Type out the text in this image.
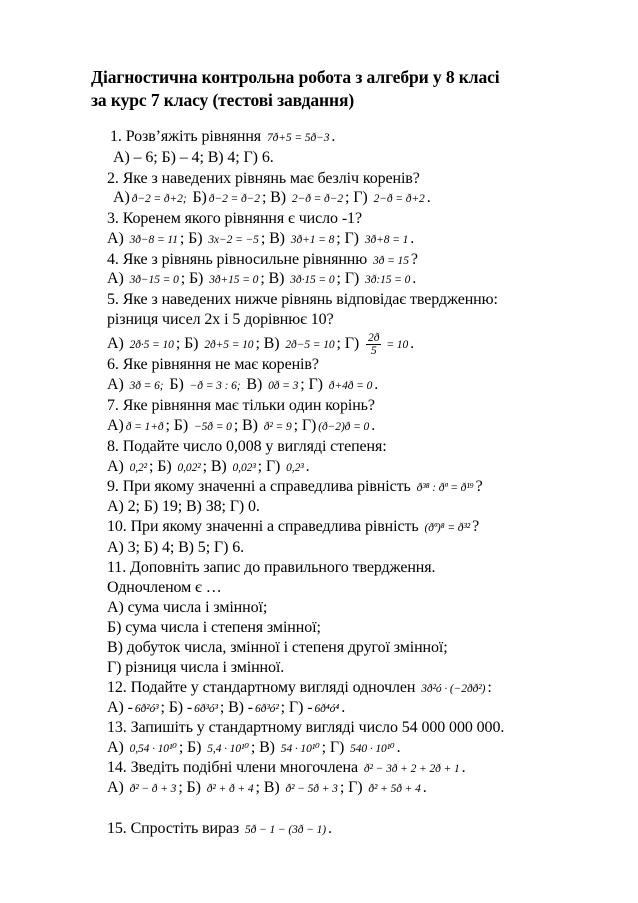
Діагностична контрольна робота з алгебри у 8 класі
за курс 7 класу (тестові завдання)
1. Розв’яжіть рівняння 7ð+5 = 5ð−3 .
А) – 6; Б) – 4; В) 4; Г) 6.
2. Яке з наведених рівнянь має безліч коренів?
А) ð−2 = ð+2; Б) ð−2 = ð−2 ; В) 2−ð = ð−2 ; Г) 2−ð = ð+2 .
3. Коренем якого рівняння є число -1?
А) 3ð−8 = 11 ; Б) 3x−2 = −5 ; В) 3ð+1 = 8 ; Г) 3ð+8 = 1 .
4. Яке з рівнянь рівносильне рівнянню 3ð = 15 ?
А) 3ð−15 = 0 ; Б) 3ð+15 = 0 ; В) 3ð·15 = 0 ; Г) 3ð:15 = 0 .
5. Яке з наведених нижче рівнянь відповідає твердженню:
різниця чисел 2x і 5 дорівнює 10?
А) 2ð·5 = 10 ; Б) 2ð+5 = 10 ; В) 2ð−5 = 10 ; $Г) \frac{2ð}{5} = 10$ .
6. Яке рівняння не має коренів?
А) 3ð = 6; Б) −ð = 3 : 6; В) 0ð = 3 ; Г) ð+4ð = 0 .
7. Яке рівняння має тільки один корінь?
А) ð = 1+ð ; Б) −5ð = 0 ; В) ð² = 9 ; Г) (ð−2)ð = 0 .
8. Подайте число 0,008 у вигляді степеня:
А) 0,2² ; Б) 0,02² ; В) 0,02³ ; Г) 0,2³ .
9. При якому значенні a справедлива рівність ð³⁸ : ðª = ð¹⁹ ?
А) 2; Б) 19; В) 38; Г) 0.
10. При якому значенні a справедлива рівність (ðª)⁸ = ð³² ?
А) 3; Б) 4; В) 5; Г) 6.
11. Доповніть запис до правильного твердження.
Одночленом є …
А) сума числа і змінної;
Б) сума числа і степеня змінної;
В) добуток числа, змінної і степеня другої змінної;
Г) різниця числа і змінної.
12. Подайте у стандартному вигляді одночлен 3ð²ó · (−2ðð²) :
А) - 6ð²ó³ ; Б) - 6ð³ó³ ; В) - 6ð³ó² ; Г) - 6ð⁴ó⁴ .
13. Запишіть у стандартному вигляді число 54 000 000 000.
А) 0,54 · 10¹⁰ ; Б) 5,4 · 10¹⁰ ; В) 54 · 10¹⁰ ; Г) 540 · 10¹⁰ .
14. Зведіть подібні члени многочлена ð² − 3ð + 2 + 2ð + 1 .
А) ð² − ð + 3 ; Б) ð² + ð + 4 ; В) ð² − 5ð + 3 ; Г) ð² + 5ð + 4 .
15. Спростіть вираз 5ð − 1 − (3ð − 1) .
